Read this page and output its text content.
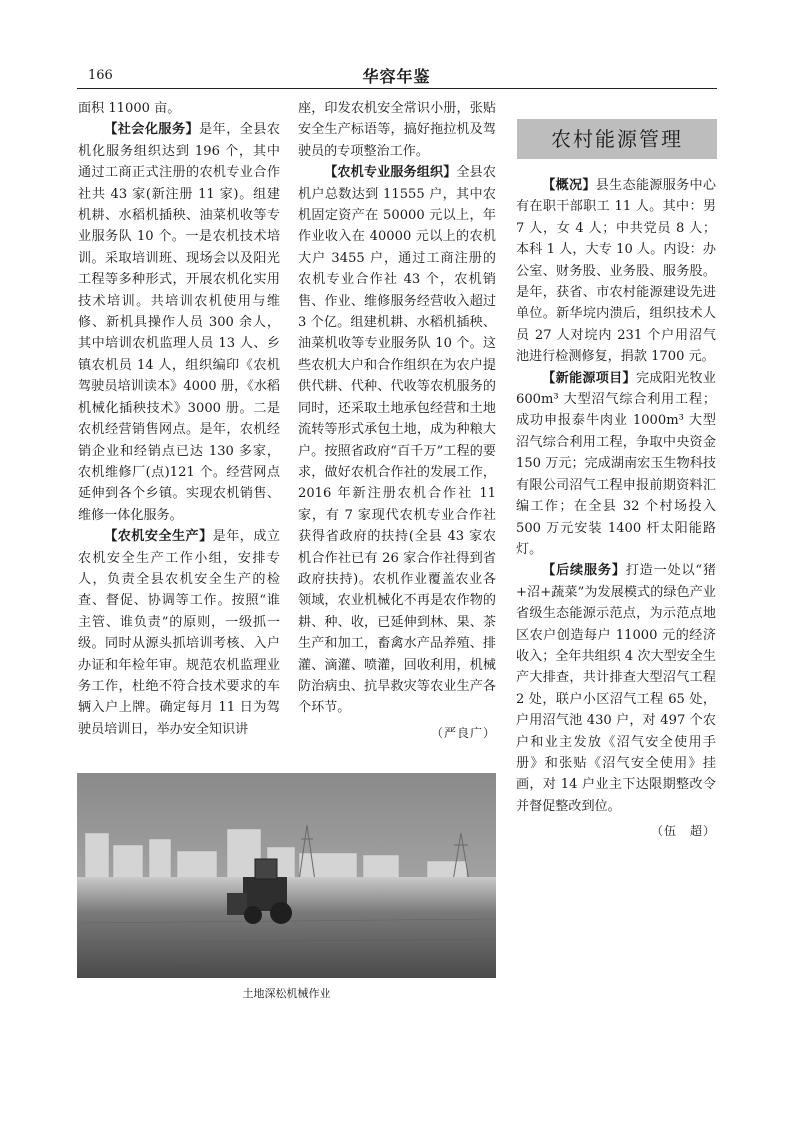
166	华容年鉴

面积 11000 亩。

【社会化服务】是年，全县农机化服务组织达到 196 个，其中通过工商正式注册的农机专业合作社共 43 家(新注册 11 家)。组建机耕、水稻机插秧、油菜机收等专业服务队 10 个。一是农机技术培训。采取培训班、现场会以及阳光工程等多种形式，开展农机化实用技术培训。共培训农机使用与维修、新机具操作人员 300 余人，其中培训农机监理人员 13 人、乡镇农机员 14 人，组织编印《农机驾驶员培训读本》4000 册，《水稻机械化插秧技术》3000 册。二是农机经营销售网点。是年，农机经销企业和经销点已达 130 多家，农机维修厂(点)121 个。经营网点延伸到各个乡镇。实现农机销售、维修一体化服务。

【农机安全生产】是年，成立农机安全生产工作小组，安排专人，负责全县农机安全生产的检查、督促、协调等工作。按照“谁主管、谁负责”的原则，一级抓一级。同时从源头抓培训考核、入户办证和年检年审。规范农机监理业务工作，杜绝不符合技术要求的车辆入户上牌。确定每月 11 日为驾驶员培训日，举办安全知识讲

座，印发农机安全常识小册，张贴安全生产标语等，搞好拖拉机及驾驶员的专项整治工作。

【农机专业服务组织】全县农机户总数达到 11555 户，其中农机固定资产在 50000 元以上，年作业收入在 40000 元以上的农机大户 3455 户，通过工商注册的农机专业合作社 43 个，农机销售、作业、维修服务经营收入超过 3 个亿。组建机耕、水稻机插秧、油菜机收等专业服务队 10 个。这些农机大户和合作组织在为农户提供代耕、代种、代收等农机服务的同时，还采取土地承包经营和土地流转等形式承包土地，成为种粮大户。按照省政府“百千万”工程的要求，做好农机合作社的发展工作，2016 年新注册农机合作社 11 家，有 7 家现代农机专业合作社获得省政府的扶持(全县 43 家农机合作社已有 26 家合作社得到省政府扶持)。农机作业覆盖农业各领域，农业机械化不再是农作物的耕、种、收，已延伸到林、果、茶生产和加工，畜禽水产品养殖、排灌、滴灌、喷灌，回收利用，机械防治病虫、抗旱救灾等农业生产各个环节。

（严良广）

农村能源管理

【概况】县生态能源服务中心有在职干部职工 11 人。其中：男 7 人，女 4 人；中共党员 8 人；本科 1 人，大专 10 人。内设：办公室、财务股、业务股、服务股。是年，获省、市农村能源建设先进单位。新华垸内溃后，组织技术人员 27 人对垸内 231 个户用沼气池进行检测修复，捐款 1700 元。

【新能源项目】完成阳光牧业 600m³ 大型沼气综合利用工程；成功申报泰牛肉业 1000m³ 大型沼气综合利用工程，争取中央资金 150 万元；完成湖南宏玉生物科技有限公司沼气工程申报前期资料汇编工作；在全县 32 个村场投入 500 万元安装 1400 杆太阳能路灯。

【后续服务】打造一处以“猪+沼+蔬菜”为发展模式的绿色产业省级生态能源示范点，为示范点地区农户创造每户 11000 元的经济收入；全年共组织 4 次大型安全生产大排查，共计排查大型沼气工程 2 处，联户小区沼气工程 65 处，户用沼气池 430 户，对 497 个农户和业主发放《沼气安全使用手册》和张贴《沼气安全使用》挂画，对 14 户业主下达限期整改令并督促整改到位。

（伍　超）

土地深松机械作业
